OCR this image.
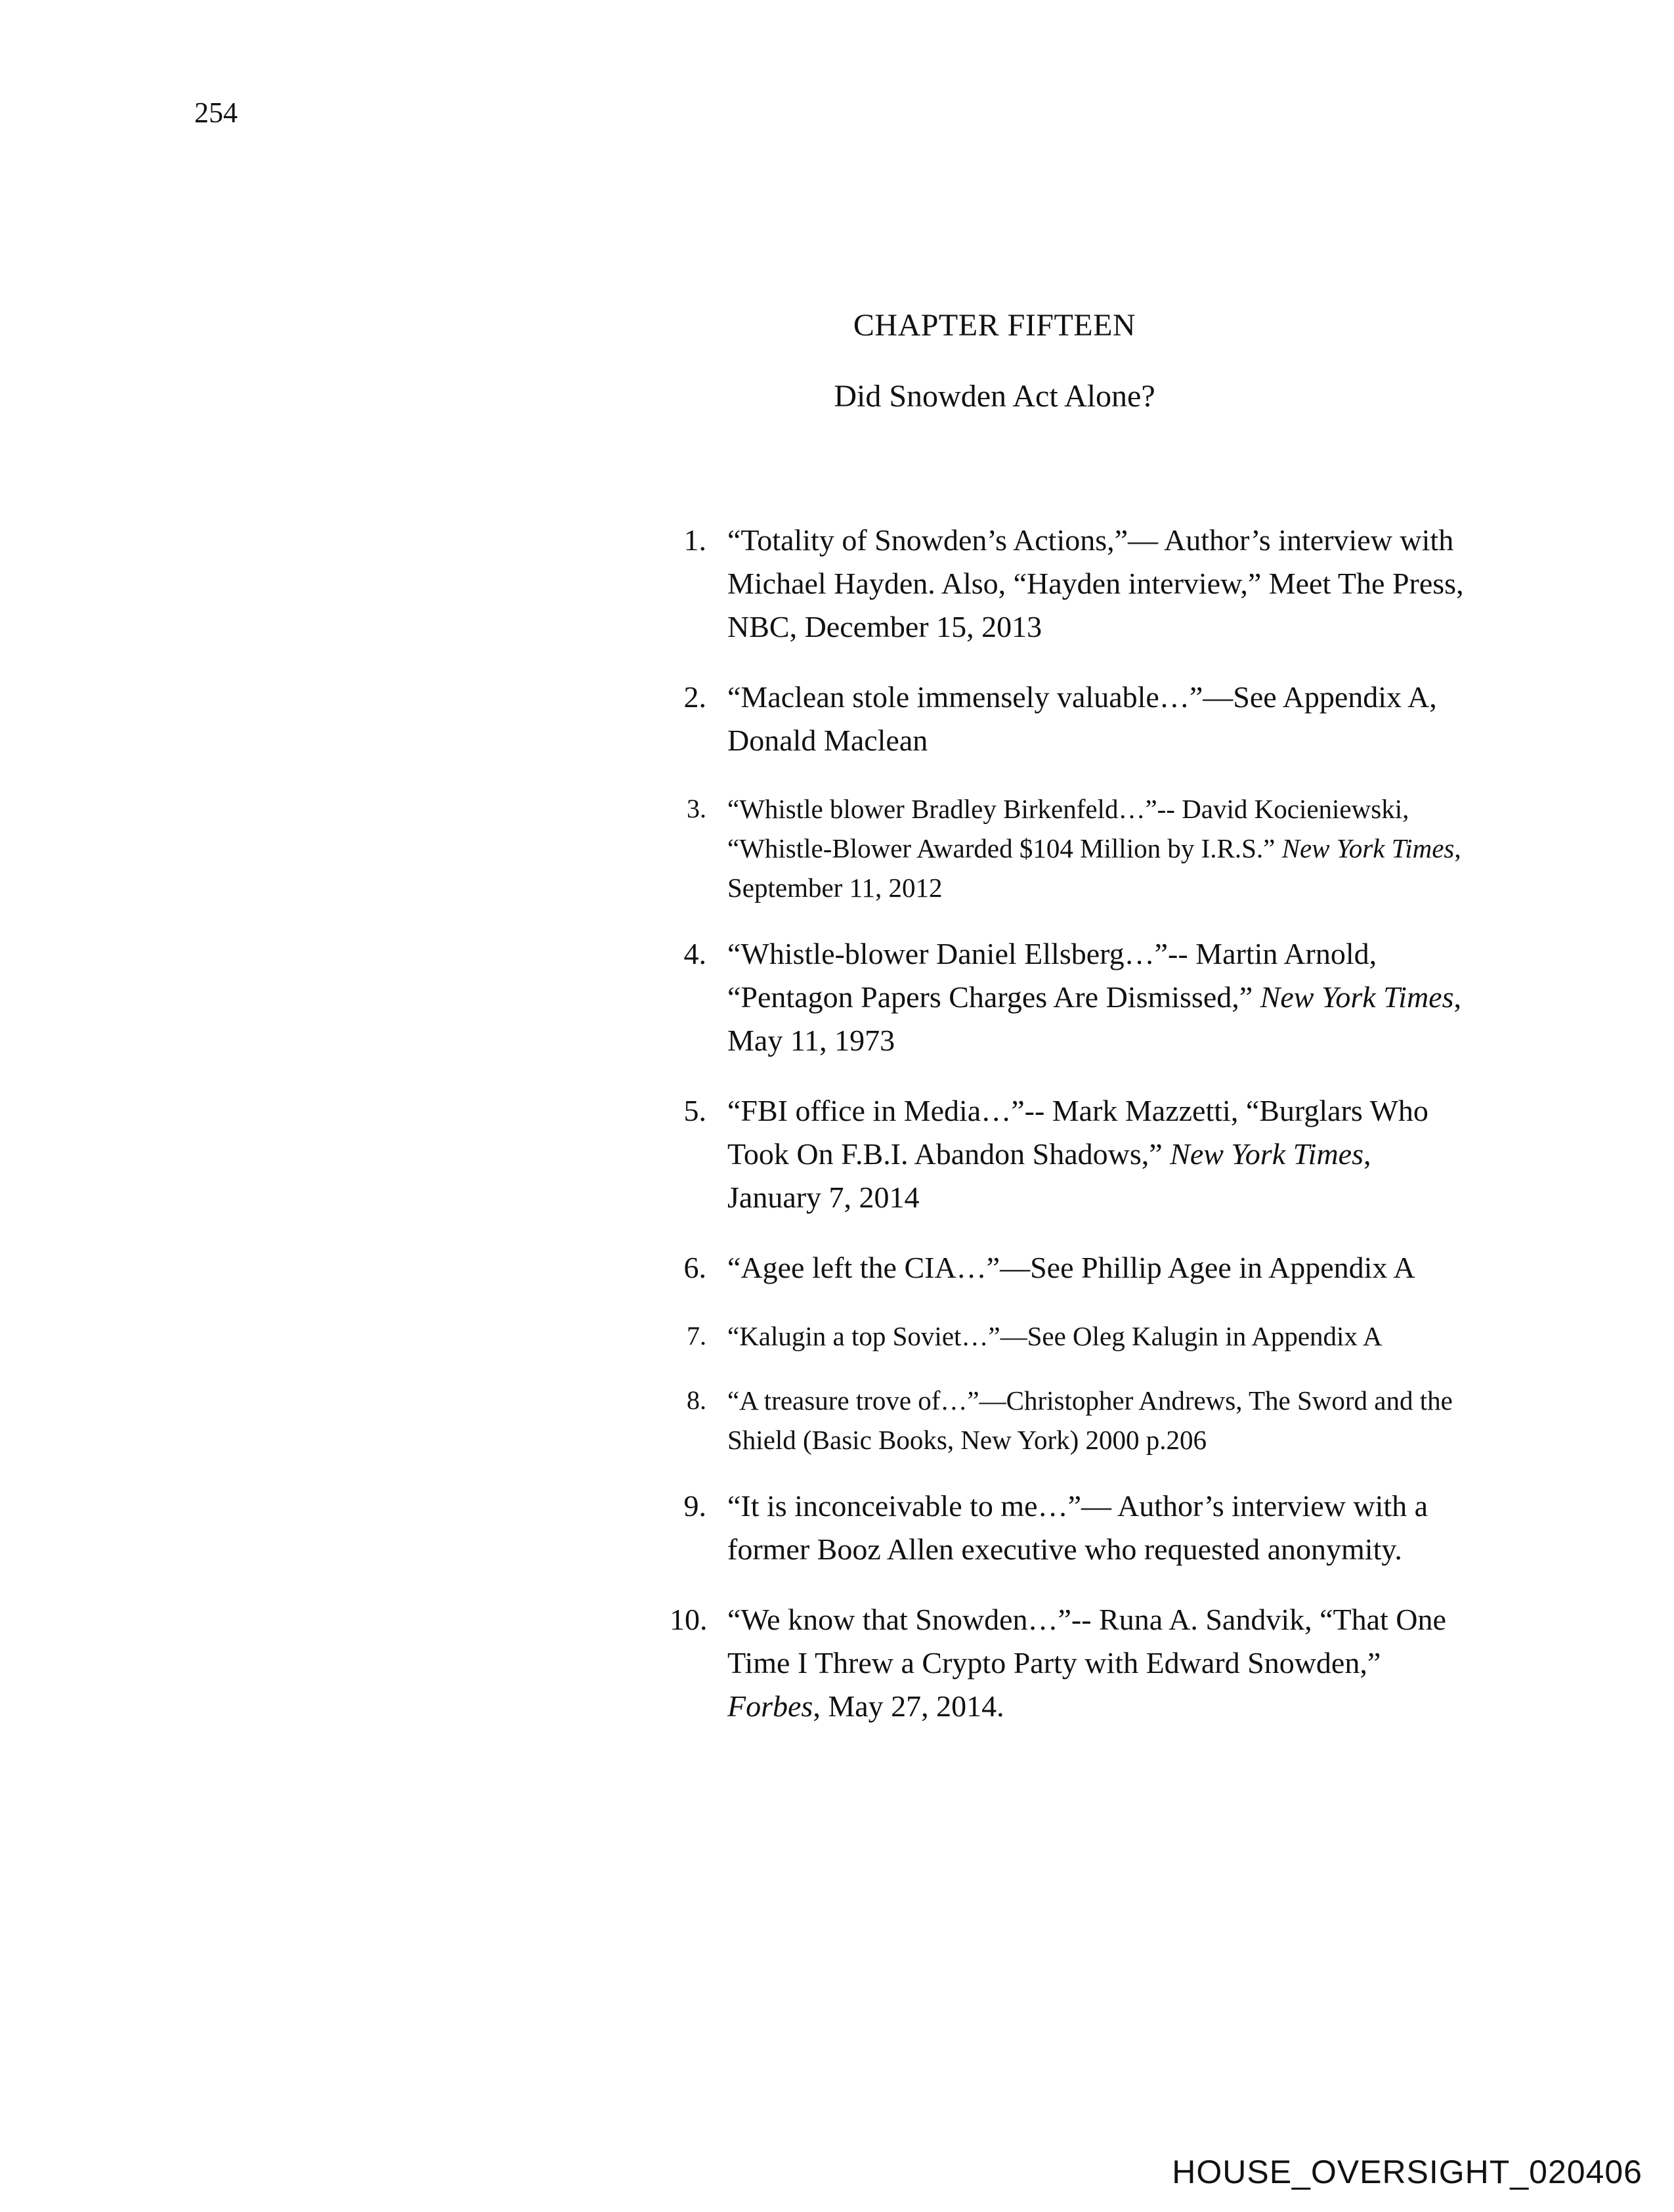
254
CHAPTER FIFTEEN
Did Snowden Act Alone?
1. “Totality of Snowden’s Actions,”— Author’s interview with Michael Hayden. Also, “Hayden interview,” Meet The Press, NBC, December 15, 2013
2. “Maclean stole immensely valuable…”—See Appendix A, Donald Maclean
3. “Whistle blower Bradley Birkenfeld…”-- David Kocieniewski, “Whistle-Blower Awarded $104 Million by I.R.S.” New York Times, September 11, 2012
4. “Whistle-blower Daniel Ellsberg…”-- Martin Arnold, “Pentagon Papers Charges Are Dismissed,” New York Times, May 11, 1973
5. “FBI office in Media…”-- Mark Mazzetti, “Burglars Who Took On F.B.I. Abandon Shadows,” New York Times, January 7, 2014
6. “Agee left the CIA…”—See Phillip Agee in Appendix A
7. “Kalugin a top Soviet…”—See Oleg Kalugin in Appendix A
8. “A treasure trove of…”—Christopher Andrews, The Sword and the Shield (Basic Books, New York) 2000 p.206
9. “It is inconceivable to me…”— Author’s interview with a former Booz Allen executive who requested anonymity.
10. “We know that Snowden…”-- Runa A. Sandvik, “That One Time I Threw a Crypto Party with Edward Snowden,” Forbes, May 27, 2014.
HOUSE_OVERSIGHT_020406
